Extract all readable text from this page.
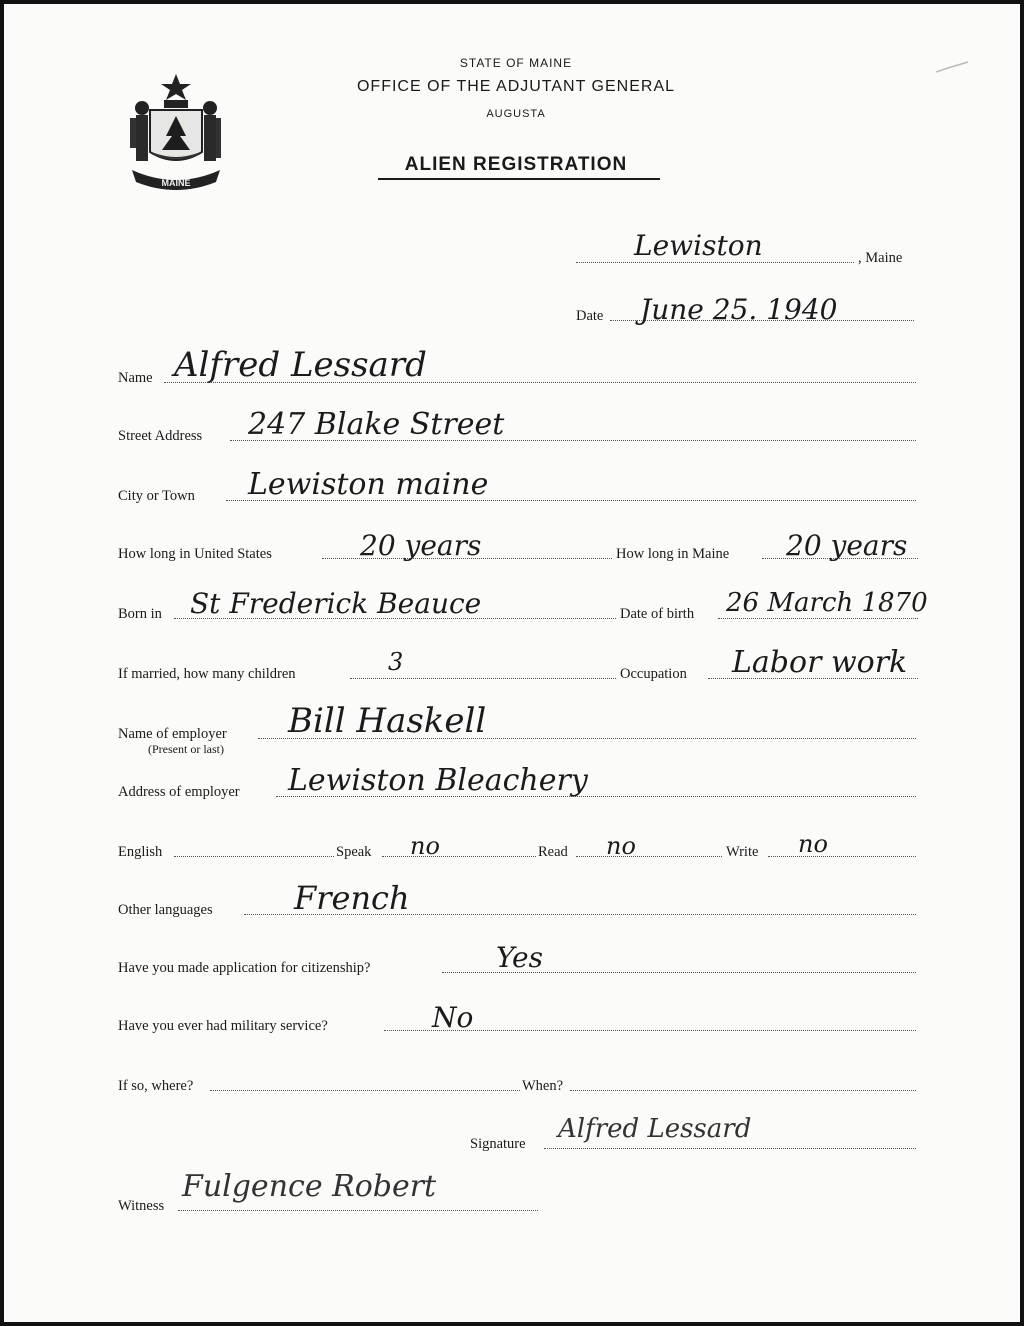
MAINE
STATE OF MAINE
OFFICE OF THE ADJUTANT GENERAL
AUGUSTA
ALIEN REGISTRATION
Lewiston	, Maine
Date June 25. 1940
Name Alfred Lessard
Street Address 247 Blake Street
City or Town Lewiston maine
How long in United States	20 years	How long in Maine 20 years
Born in St Frederick Beauce	Date of birth 26 March 1870
If married, how many children	3	Occupation Labor work
Name of employer
(Present or last)
Bill Haskell
Address of employer Lewiston Bleachery
English	Speak no	Read no	Write no
Other languages	French
Have you made application for citizenship?	Yes
Have you ever had military service?	No
If so, where?	When?
Signature Alfred Lessard
Witness
Fulgence Robert
